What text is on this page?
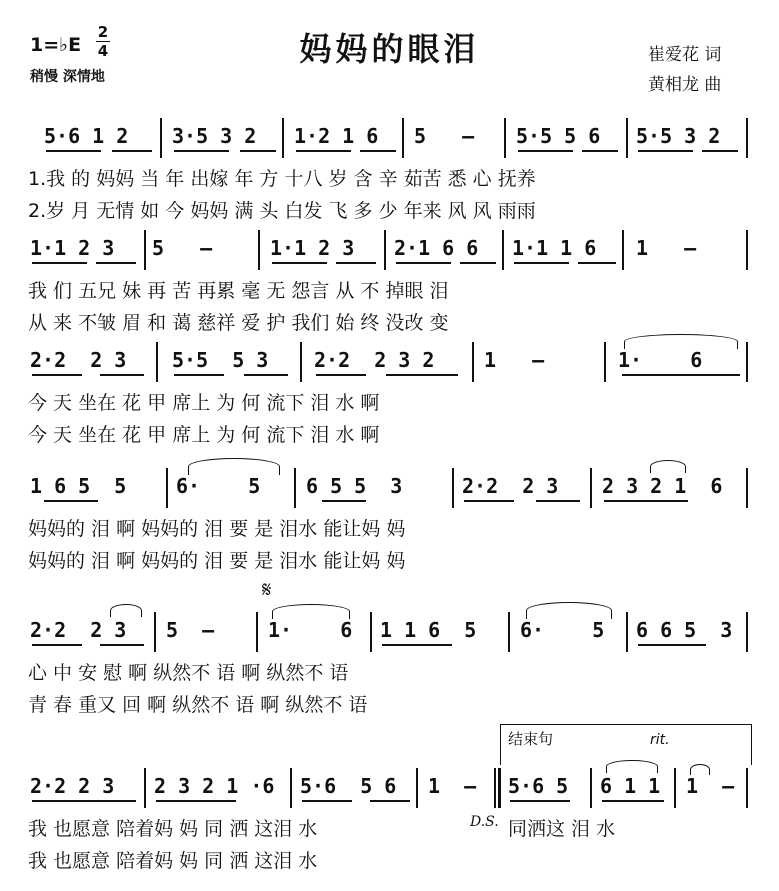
妈妈的眼泪
1=♭E
2
4
稍慢 深情地
崔爱花 词
黄相龙 曲
5·6 1 2 3·5 3 2 1·2 1 6 5   – 5·5 5 6 5·5 3 2
1.我 的 妈妈 当 年 出嫁 年 方 十八 岁 含 辛 茹苦 悉 心 抚养
2.岁 月 无情 如 今 妈妈 满 头 白发 飞 多 少 年来 风 风 雨雨
1·1 2 3 5   –	1·1 2 3 2·1 6 6 1·1 1 6 1   –
我 们 五兄 妹 再 苦 再累 毫 无 怨言 从 不 掉眼 泪
从 来 不皱 眉 和 蔼 慈祥 爱 护 我们 始 终 没改 变
2·2  2 3 5·5  5 3 2·2  2 3 2 1   –	1·    6
今 天 坐在 花 甲 席上 为 何 流下 泪 水 啊
今 天 坐在 花 甲 席上 为 何 流下 泪 水 啊
1 6 5  5 6·    5 6 5 5  3	2·2  2 3 2 3 2 1  6
妈妈的 泪 啊 妈妈的 泪 要 是 泪水 能让妈 妈
妈妈的 泪 啊 妈妈的 泪 要 是 泪水 能让妈 妈
𝄋
2·2  2 3 5  –	1·    6 1 1 6  5 6·    5 6 6 5  3
心 中 安 慰 啊 纵然不 语 啊 纵然不 语
青 春 重又 回 啊 纵然不 语 啊 纵然不 语
结束句	rit.
2·2 2 3 2 3 2 1 ·6 5·6  5 6 1  – 5·6 5 6 1 1 1  –
我 也愿意 陪着妈 妈 同 洒 这泪 水
我 也愿意 陪着妈 妈 同 洒 这泪 水
D.S. 同洒这 泪 水
